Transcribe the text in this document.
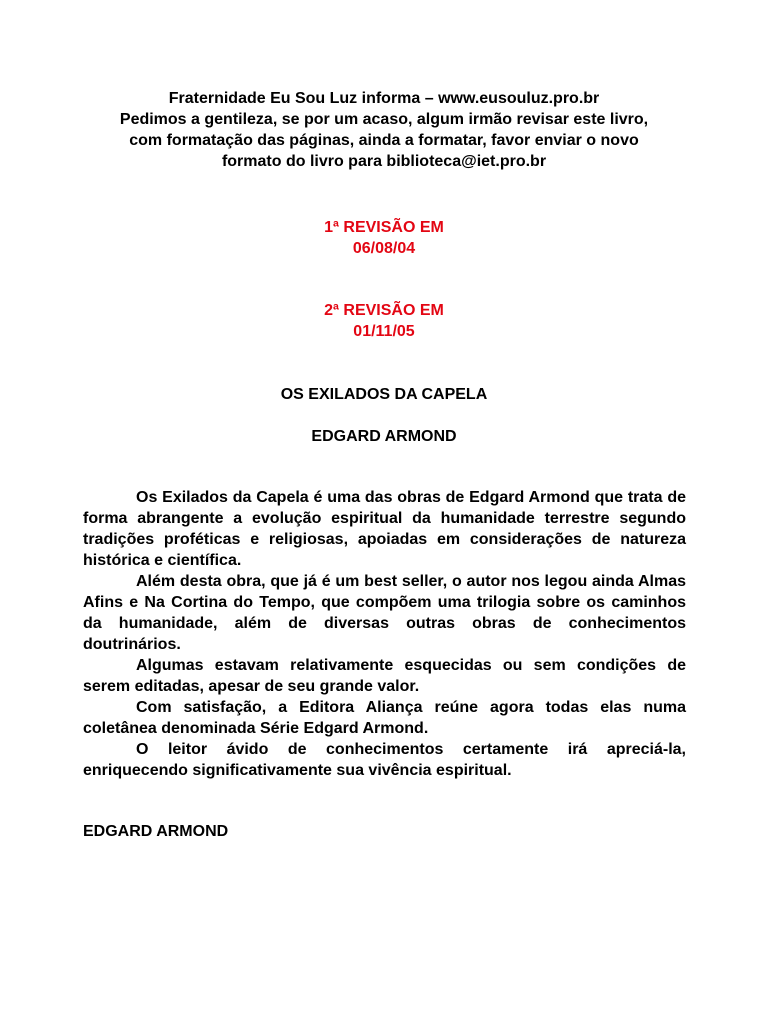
Fraternidade Eu Sou Luz informa – www.eusouluz.pro.br
Pedimos a gentileza, se por um acaso, algum irmão revisar este livro,
com formatação das páginas, ainda a formatar, favor enviar o novo
formato do livro para biblioteca@iet.pro.br
1ª REVISÃO EM
06/08/04
2ª REVISÃO EM
01/11/05
OS EXILADOS DA CAPELA
EDGARD ARMOND

Os Exilados da Capela é uma das obras de Edgard Armond que trata de forma abrangente a evolução espiritual da humanidade terrestre segundo tradições proféticas e religiosas, apoiadas em considerações de natureza histórica e científica.

Além desta obra, que já é um best seller, o autor nos legou ainda Almas Afins e Na Cortina do Tempo, que compõem uma trilogia sobre os caminhos da humanidade, além de diversas outras obras de conhecimentos doutrinários.

Algumas estavam relativamente esquecidas ou sem condições de serem editadas, apesar de seu grande valor.

Com satisfação, a Editora Aliança reúne agora todas elas numa coletânea denominada Série Edgard Armond.

O leitor ávido de conhecimentos certamente irá apreciá-la, enriquecendo significativamente sua vivência espiritual.

EDGARD ARMOND
